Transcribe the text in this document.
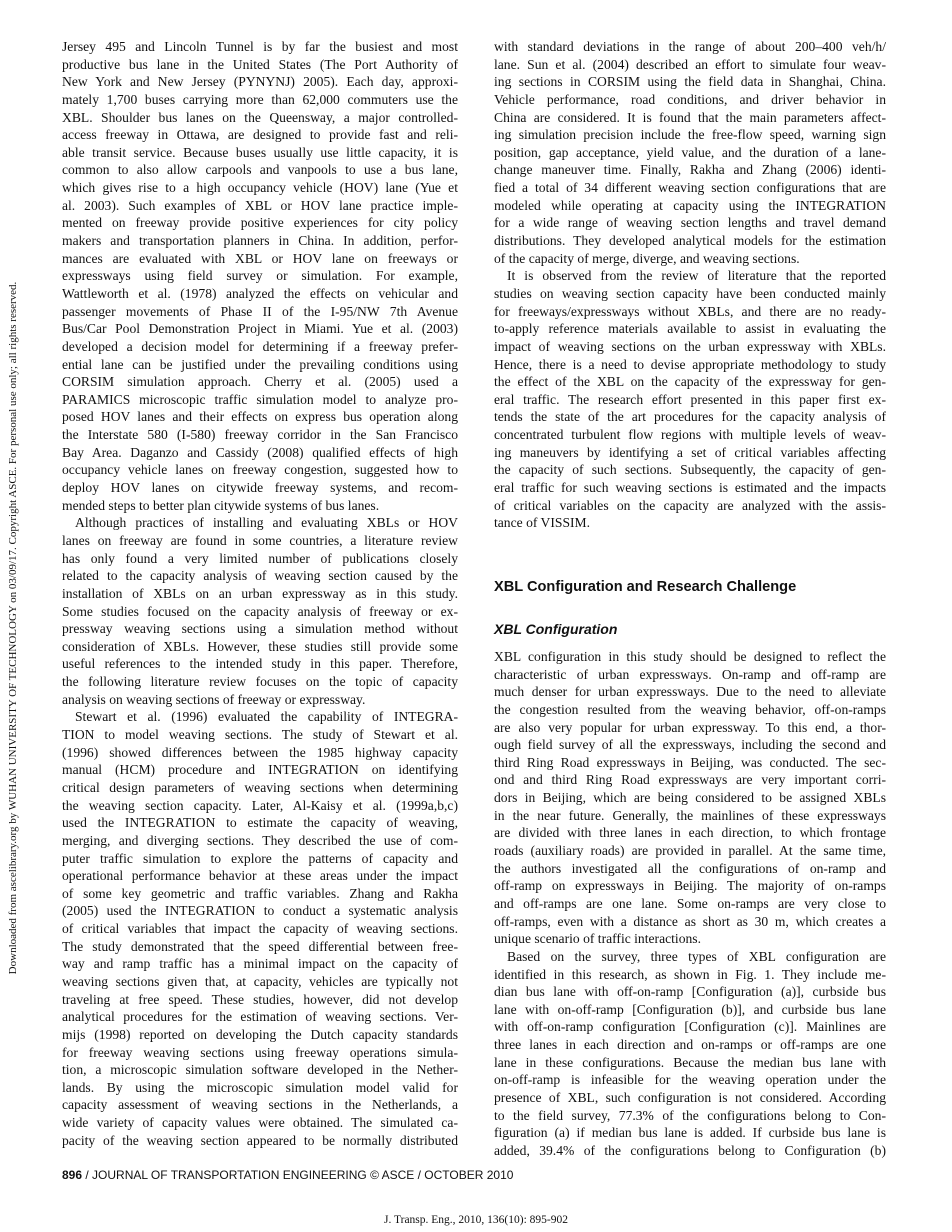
Downloaded from ascelibrary.org by WUHAN UNIVERSITY OF TECHNOLOGY on 03/09/17. Copyright ASCE. For personal use only; all rights reserved.
Jersey 495 and Lincoln Tunnel is by far the busiest and most
productive bus lane in the United States (The Port Authority of
New York and New Jersey (PYNYNJ) 2005). Each day, approxi-
mately 1,700 buses carrying more than 62,000 commuters use the
XBL. Shoulder bus lanes on the Queensway, a major controlled-
access freeway in Ottawa, are designed to provide fast and reli-
able transit service. Because buses usually use little capacity, it is
common to also allow carpools and vanpools to use a bus lane,
which gives rise to a high occupancy vehicle (HOV) lane (Yue et
al. 2003). Such examples of XBL or HOV lane practice imple-
mented on freeway provide positive experiences for city policy
makers and transportation planners in China. In addition, perfor-
mances are evaluated with XBL or HOV lane on freeways or
expressways using field survey or simulation. For example,
Wattleworth et al. (1978) analyzed the effects on vehicular and
passenger movements of Phase II of the I-95/NW 7th Avenue
Bus/Car Pool Demonstration Project in Miami. Yue et al. (2003)
developed a decision model for determining if a freeway prefer-
ential lane can be justified under the prevailing conditions using
CORSIM simulation approach. Cherry et al. (2005) used a
PARAMICS microscopic traffic simulation model to analyze pro-
posed HOV lanes and their effects on express bus operation along
the Interstate 580 (I-580) freeway corridor in the San Francisco
Bay Area. Daganzo and Cassidy (2008) qualified effects of high
occupancy vehicle lanes on freeway congestion, suggested how to
deploy HOV lanes on citywide freeway systems, and recom-
mended steps to better plan citywide systems of bus lanes.
Although practices of installing and evaluating XBLs or HOV
lanes on freeway are found in some countries, a literature review
has only found a very limited number of publications closely
related to the capacity analysis of weaving section caused by the
installation of XBLs on an urban expressway as in this study.
Some studies focused on the capacity analysis of freeway or ex-
pressway weaving sections using a simulation method without
consideration of XBLs. However, these studies still provide some
useful references to the intended study in this paper. Therefore,
the following literature review focuses on the topic of capacity
analysis on weaving sections of freeway or expressway.
Stewart et al. (1996) evaluated the capability of INTEGRA-
TION to model weaving sections. The study of Stewart et al.
(1996) showed differences between the 1985 highway capacity
manual (HCM) procedure and INTEGRATION on identifying
critical design parameters of weaving sections when determining
the weaving section capacity. Later, Al-Kaisy et al. (1999a,b,c)
used the INTEGRATION to estimate the capacity of weaving,
merging, and diverging sections. They described the use of com-
puter traffic simulation to explore the patterns of capacity and
operational performance behavior at these areas under the impact
of some key geometric and traffic variables. Zhang and Rakha
(2005) used the INTEGRATION to conduct a systematic analysis
of critical variables that impact the capacity of weaving sections.
The study demonstrated that the speed differential between free-
way and ramp traffic has a minimal impact on the capacity of
weaving sections given that, at capacity, vehicles are typically not
traveling at free speed. These studies, however, did not develop
analytical procedures for the estimation of weaving sections. Ver-
mijs (1998) reported on developing the Dutch capacity standards
for freeway weaving sections using freeway operations simula-
tion, a microscopic simulation software developed in the Nether-
lands. By using the microscopic simulation model valid for
capacity assessment of weaving sections in the Netherlands, a
wide variety of capacity values were obtained. The simulated ca-
pacity of the weaving section appeared to be normally distributed
with standard deviations in the range of about 200–400 veh/h/
lane. Sun et al. (2004) described an effort to simulate four weav-
ing sections in CORSIM using the field data in Shanghai, China.
Vehicle performance, road conditions, and driver behavior in
China are considered. It is found that the main parameters affect-
ing simulation precision include the free-flow speed, warning sign
position, gap acceptance, yield value, and the duration of a lane-
change maneuver time. Finally, Rakha and Zhang (2006) identi-
fied a total of 34 different weaving section configurations that are
modeled while operating at capacity using the INTEGRATION
for a wide range of weaving section lengths and travel demand
distributions. They developed analytical models for the estimation
of the capacity of merge, diverge, and weaving sections.
It is observed from the review of literature that the reported
studies on weaving section capacity have been conducted mainly
for freeways/expressways without XBLs, and there are no ready-
to-apply reference materials available to assist in evaluating the
impact of weaving sections on the urban expressway with XBLs.
Hence, there is a need to devise appropriate methodology to study
the effect of the XBL on the capacity of the expressway for gen-
eral traffic. The research effort presented in this paper first ex-
tends the state of the art procedures for the capacity analysis of
concentrated turbulent flow regions with multiple levels of weav-
ing maneuvers by identifying a set of critical variables affecting
the capacity of such sections. Subsequently, the capacity of gen-
eral traffic for such weaving sections is estimated and the impacts
of critical variables on the capacity are analyzed with the assis-
tance of VISSIM.
XBL Configuration and Research Challenge
XBL Configuration
XBL configuration in this study should be designed to reflect the
characteristic of urban expressways. On-ramp and off-ramp are
much denser for urban expressways. Due to the need to alleviate
the congestion resulted from the weaving behavior, off-on-ramps
are also very popular for urban expressway. To this end, a thor-
ough field survey of all the expressways, including the second and
third Ring Road expressways in Beijing, was conducted. The sec-
ond and third Ring Road expressways are very important corri-
dors in Beijing, which are being considered to be assigned XBLs
in the near future. Generally, the mainlines of these expressways
are divided with three lanes in each direction, to which frontage
roads (auxiliary roads) are provided in parallel. At the same time,
the authors investigated all the configurations of on-ramp and
off-ramp on expressways in Beijing. The majority of on-ramps
and off-ramps are one lane. Some on-ramps are very close to
off-ramps, even with a distance as short as 30 m, which creates a
unique scenario of traffic interactions.
Based on the survey, three types of XBL configuration are
identified in this research, as shown in Fig. 1. They include me-
dian bus lane with off-on-ramp [Configuration (a)], curbside bus
lane with on-off-ramp [Configuration (b)], and curbside bus lane
with off-on-ramp configuration [Configuration (c)]. Mainlines are
three lanes in each direction and on-ramps or off-ramps are one
lane in these configurations. Because the median bus lane with
on-off-ramp is infeasible for the weaving operation under the
presence of XBL, such configuration is not considered. According
to the field survey, 77.3% of the configurations belong to Con-
figuration (a) if median bus lane is added. If curbside bus lane is
added, 39.4% of the configurations belong to Configuration (b)
896 / JOURNAL OF TRANSPORTATION ENGINEERING © ASCE / OCTOBER 2010
J. Transp. Eng., 2010, 136(10): 895-902
